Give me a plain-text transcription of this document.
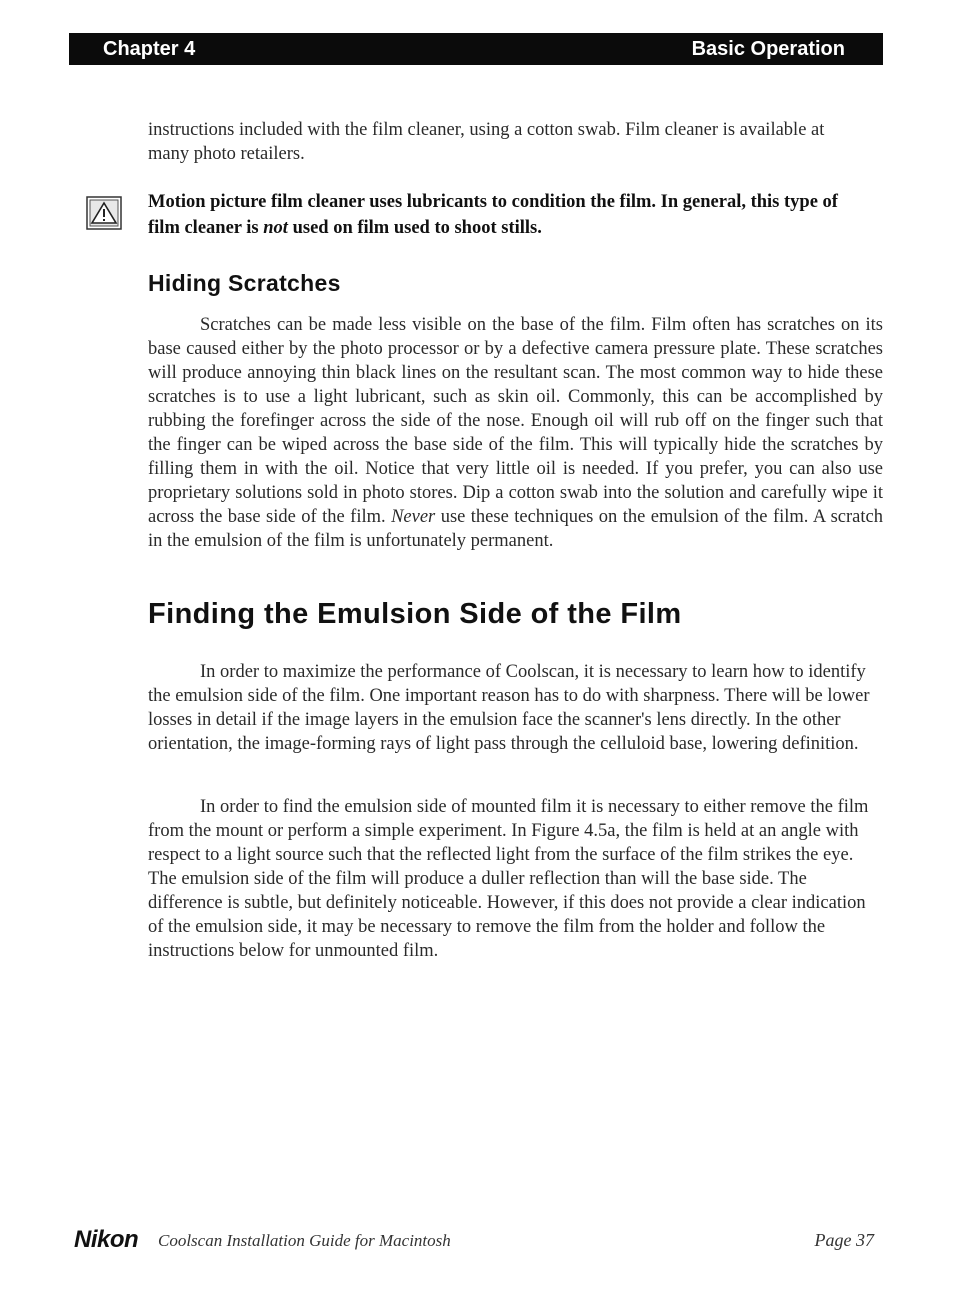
Chapter 4	Basic Operation

instructions included with the film cleaner, using a cotton swab. Film cleaner is available at many photo retailers.

Motion picture film cleaner uses lubricants to condition the film. In general, this type of film cleaner is not used on film used to shoot stills.

Hiding Scratches

Scratches can be made less visible on the base of the film. Film often has scratches on its base caused either by the photo processor or by a defective camera pressure plate. These scratches will produce annoying thin black lines on the resultant scan. The most common way to hide these scratches is to use a light lubricant, such as skin oil. Commonly, this can be accomplished by rubbing the forefinger across the side of the nose. Enough oil will rub off on the finger such that the finger can be wiped across the base side of the film. This will typically hide the scratches by filling them in with the oil. Notice that very little oil is needed. If you prefer, you can also use proprietary solutions sold in photo stores. Dip a cotton swab into the solution and carefully wipe it across the base side of the film. Never use these techniques on the emulsion of the film. A scratch in the emulsion of the film is unfortunately permanent.

Finding the Emulsion Side of the Film

In order to maximize the performance of Coolscan, it is necessary to learn how to identify the emulsion side of the film. One important reason has to do with sharpness. There will be lower losses in detail if the image layers in the emulsion face the scanner's lens directly. In the other orientation, the image-forming rays of light pass through the celluloid base, lowering definition.

In order to find the emulsion side of mounted film it is necessary to either remove the film from the mount or perform a simple experiment. In Figure 4.5a, the film is held at an angle with respect to a light source such that the reflected light from the surface of the film strikes the eye. The emulsion side of the film will produce a duller reflection than will the base side. The difference is subtle, but definitely noticeable. However, if this does not provide a clear indication of the emulsion side, it may be necessary to remove the film from the holder and follow the instructions below for unmounted film.

Nikon Coolscan Installation Guide for Macintosh	Page 37
